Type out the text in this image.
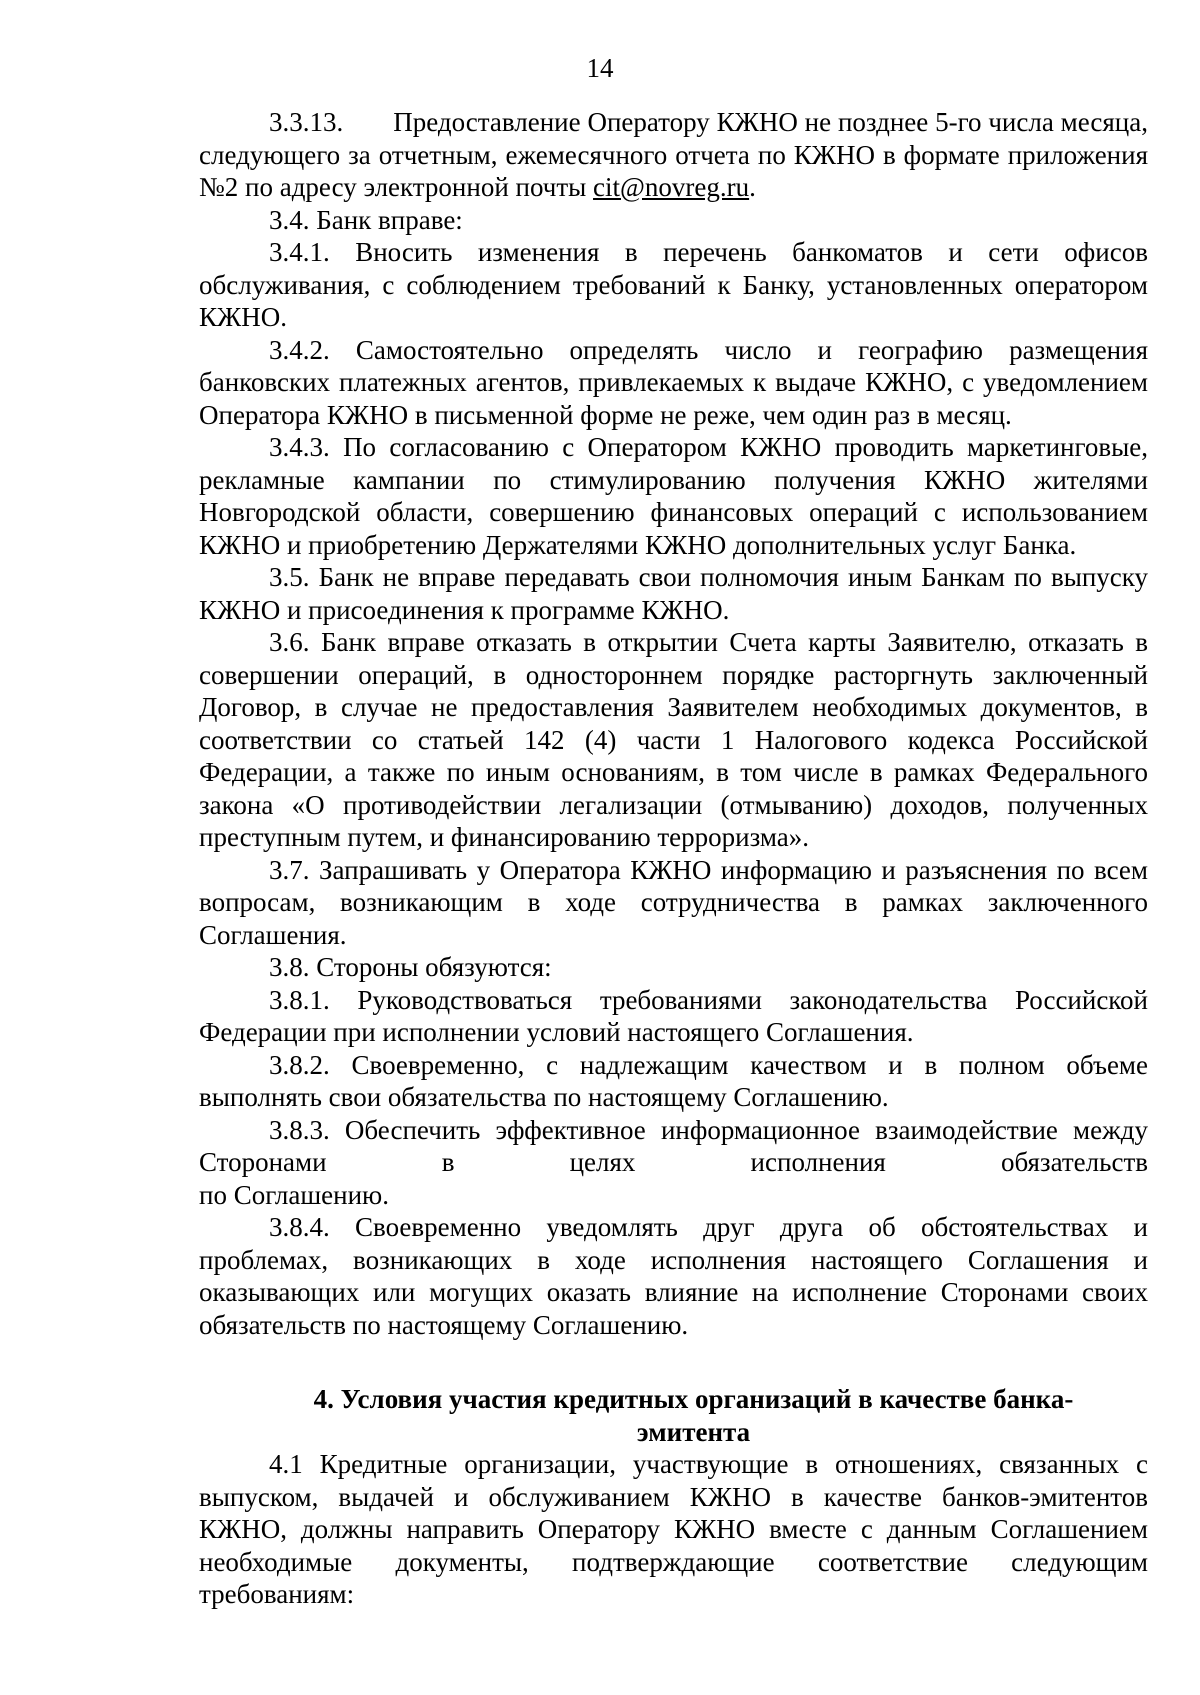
14

3.3.13. Предоставление Оператору КЖНО не позднее 5-го числа месяца, следующего за отчетным, ежемесячного отчета по КЖНО в формате приложения №2 по адресу электронной почты cit@novreg.ru.

3.4. Банк вправе:

3.4.1. Вносить изменения в перечень банкоматов и сети офисов обслуживания, с соблюдением требований к Банку, установленных оператором КЖНО.

3.4.2. Самостоятельно определять число и географию размещения банковских платежных агентов, привлекаемых к выдаче КЖНО, с уведомлением Оператора КЖНО в письменной форме не реже, чем один раз в месяц.

3.4.3. По согласованию с Оператором КЖНО проводить маркетинговые, рекламные кампании по стимулированию получения КЖНО жителями Новгородской области, совершению финансовых операций с использованием КЖНО и приобретению Держателями КЖНО дополнительных услуг Банка.

3.5. Банк не вправе передавать свои полномочия иным Банкам по выпуску КЖНО и присоединения к программе КЖНО.

3.6. Банк вправе отказать в открытии Счета карты Заявителю, отказать в совершении операций, в одностороннем порядке расторгнуть заключенный Договор, в случае не предоставления Заявителем необходимых документов, в соответствии со статьей 142 (4) части 1 Налогового кодекса Российской Федерации, а также по иным основаниям, в том числе в рамках Федерального закона «О противодействии легализации (отмыванию) доходов, полученных преступным путем, и финансированию терроризма».

3.7. Запрашивать у Оператора КЖНО информацию и разъяснения по всем вопросам, возникающим в ходе сотрудничества в рамках заключенного Соглашения.

3.8. Стороны обязуются:

3.8.1. Руководствоваться требованиями законодательства Российской Федерации при исполнении условий настоящего Соглашения.

3.8.2. Своевременно, с надлежащим качеством и в полном объеме выполнять свои обязательства по настоящему Соглашению.

3.8.3. Обеспечить эффективное информационное взаимодействие между Сторонами в целях исполнения обязательств

по Соглашению.

3.8.4. Своевременно уведомлять друг друга об обстоятельствах и проблемах, возникающих в ходе исполнения настоящего Соглашения и оказывающих или могущих оказать влияние на исполнение Сторонами своих обязательств по настоящему Соглашению.

4. Условия участия кредитных организаций в качестве банка-
эмитента

4.1 Кредитные организации, участвующие в отношениях, связанных с выпуском, выдачей и обслуживанием КЖНО в качестве банков-эмитентов КЖНО, должны направить Оператору КЖНО вместе с данным Соглашением необходимые документы, подтверждающие соответствие следующим требованиям:
